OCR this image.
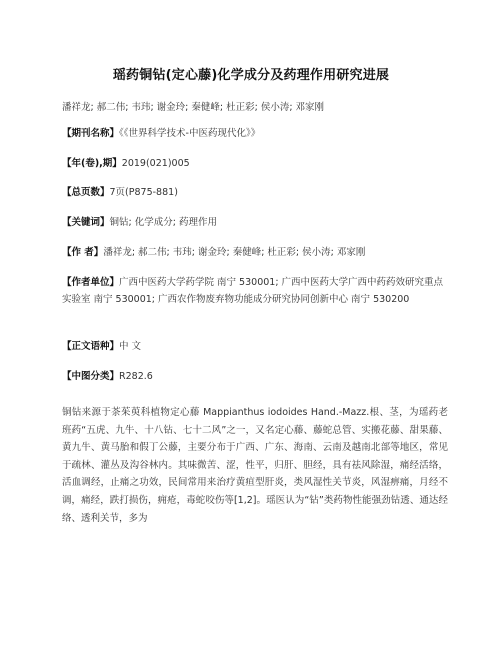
瑶药铜钻(定心藤)化学成分及药理作用研究进展
潘祥龙; 郝二伟; 韦玮; 谢金玲; 秦健峰; 杜正彩; 侯小涛; 邓家刚
【期刊名称】《《世界科学技术-中医药现代化》》
【年(卷),期】2019(021)005
【总页数】7页(P875-881)
【关键词】铜钻; 化学成分; 药理作用
【作 者】潘祥龙; 郝二伟; 韦玮; 谢金玲; 秦健峰; 杜正彩; 侯小涛; 邓家刚
【作者单位】广西中医药大学药学院 南宁 530001; 广西中医药大学广西中药药效研究重点实验室 南宁 530001; 广西农作物废弃物功能成分研究协同创新中心 南宁 530200
【正文语种】中 文
【中图分类】R282.6

铜钻来源于茶茱萸科植物定心藤 Mappianthus iodoides Hand.-Mazz.根、茎，为瑶药老班药“五虎、九牛、十八钻、七十二风”之一，又名定心藤、藤蛇总管、实搬花藤、甜果藤、黄九牛、黄马胎和假丁公藤，主要分布于广西、广东、海南、云南及越南北部等地区，常见于疏林、灌丛及沟谷林内。其味微苦、涩，性平，归肝、胆经，具有祛风除湿，痛经活络，活血调经，止痛之功效，民间常用来治疗黄疸型肝炎，类风湿性关节炎，风湿痹痛，月经不调，痛经，跌打损伤，痈疮，毒蛇咬伤等[1,2]。瑶医认为“钻”类药物性能强劲钻透、通达经络、透利关节，多为
